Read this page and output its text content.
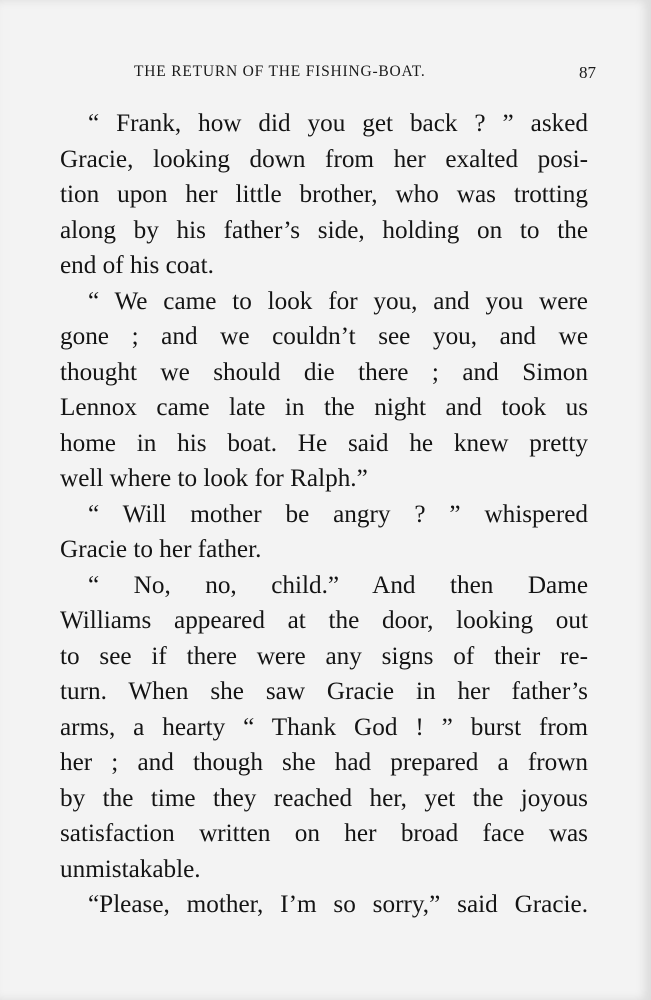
THE RETURN OF THE FISHING-BOAT.	87
“ Frank, how did you get back ? ” asked
Gracie, looking down from her exalted posi-
tion upon her little brother, who was trotting
along by his father’s side, holding on to the
end of his coat.
“ We came to look for you, and you were
gone ; and we couldn’t see you, and we
thought we should die there ; and Simon
Lennox came late in the night and took us
home in his boat. He said he knew pretty
well where to look for Ralph.”
“ Will mother be angry ? ” whispered
Gracie to her father.
“ No, no, child.” And then Dame
Williams appeared at the door, looking out
to see if there were any signs of their re-
turn. When she saw Gracie in her father’s
arms, a hearty “ Thank God ! ” burst from
her ; and though she had prepared a frown
by the time they reached her, yet the joyous
satisfaction written on her broad face was
unmistakable.
“Please, mother, I’m so sorry,” said Gracie.
